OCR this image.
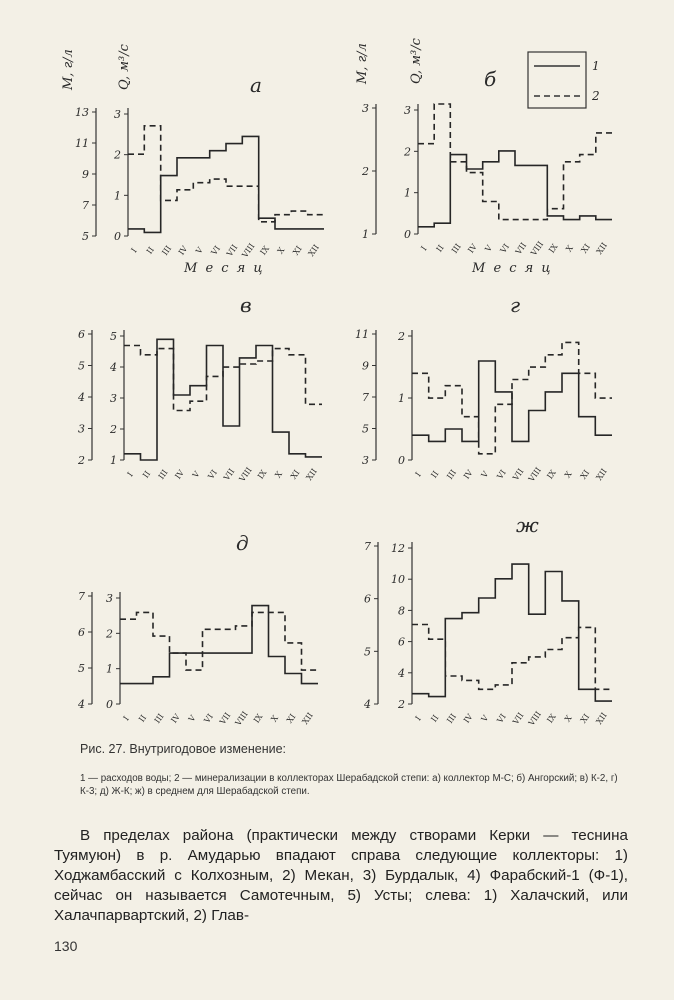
1
2
M, г/л	Q, м³/с	M, г/л	Q, м³/с
М е с я ц	М е с я ц
а
3
2
1
0
13
11
9
7
5
I II III IV V VI VII VIII IX X XI XII
б
3
2
1
0
3
2
1
I II III IV V VI VII VIII IX X XI XII
в
5
4
3
2
1
6
5
4
3
2
I II III IV V VI VII VIII IX X XI XII
г
2
1
0
11
9
7
5
3
I II III IV V VI VII VIII IX X XI XII
д
3
2
1
0
7
6
5
4
I II III IV V VI VII VIII IX X XI XII
ж
12
10
8
6
4
2
7
6
5
4
I II III IV V VI VII VIII IX X XI XII
Рис. 27. Внутригодовое изменение:
1 — расходов воды; 2 — минерализации в коллекторах Шерабадской степи: а) коллектор М-С; б) Ангорский; в) К-2, г) К-3; д) Ж-К; ж) в среднем для Шерабадской степи.
В пределах района (практически между створами Керки — теснина Туямуюн) в р. Амударью впадают справа следующие коллекторы: 1) Ходжамбасский с Колхозным, 2) Мекан, 3) Бурдалык, 4) Фарабский-1 (Ф-1), сейчас он называется Самотечным, 5) Усты; слева: 1) Халачский, или Халачпарвартский, 2) Глав-
130
